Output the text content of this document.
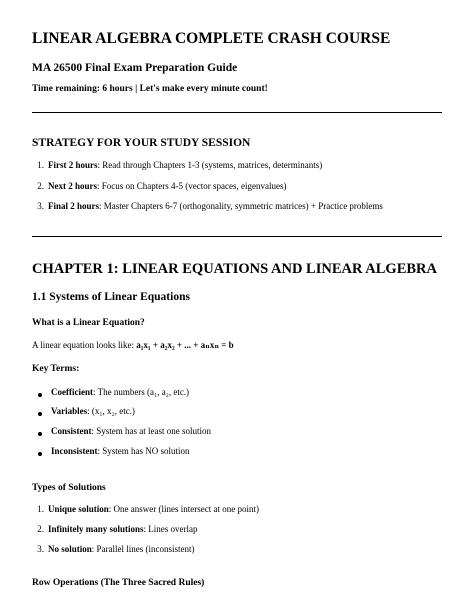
LINEAR ALGEBRA COMPLETE CRASH COURSE
MA 26500 Final Exam Preparation Guide
Time remaining: 6 hours | Let's make every minute count!
STRATEGY FOR YOUR STUDY SESSION
1. First 2 hours: Read through Chapters 1-3 (systems, matrices, determinants)
2. Next 2 hours: Focus on Chapters 4-5 (vector spaces, eigenvalues)
3. Final 2 hours: Master Chapters 6-7 (orthogonality, symmetric matrices) + Practice problems
CHAPTER 1: LINEAR EQUATIONS AND LINEAR ALGEBRA
1.1 Systems of Linear Equations
What is a Linear Equation?
A linear equation looks like: a₁x₁ + a₂x₂ + ... + aₙxₙ = b
Key Terms:
Coefficient: The numbers (a₁, a₂, etc.)
Variables: (x₁, x₂, etc.)
Consistent: System has at least one solution
Inconsistent: System has NO solution
Types of Solutions
1. Unique solution: One answer (lines intersect at one point)
2. Infinitely many solutions: Lines overlap
3. No solution: Parallel lines (inconsistent)
Row Operations (The Three Sacred Rules)
